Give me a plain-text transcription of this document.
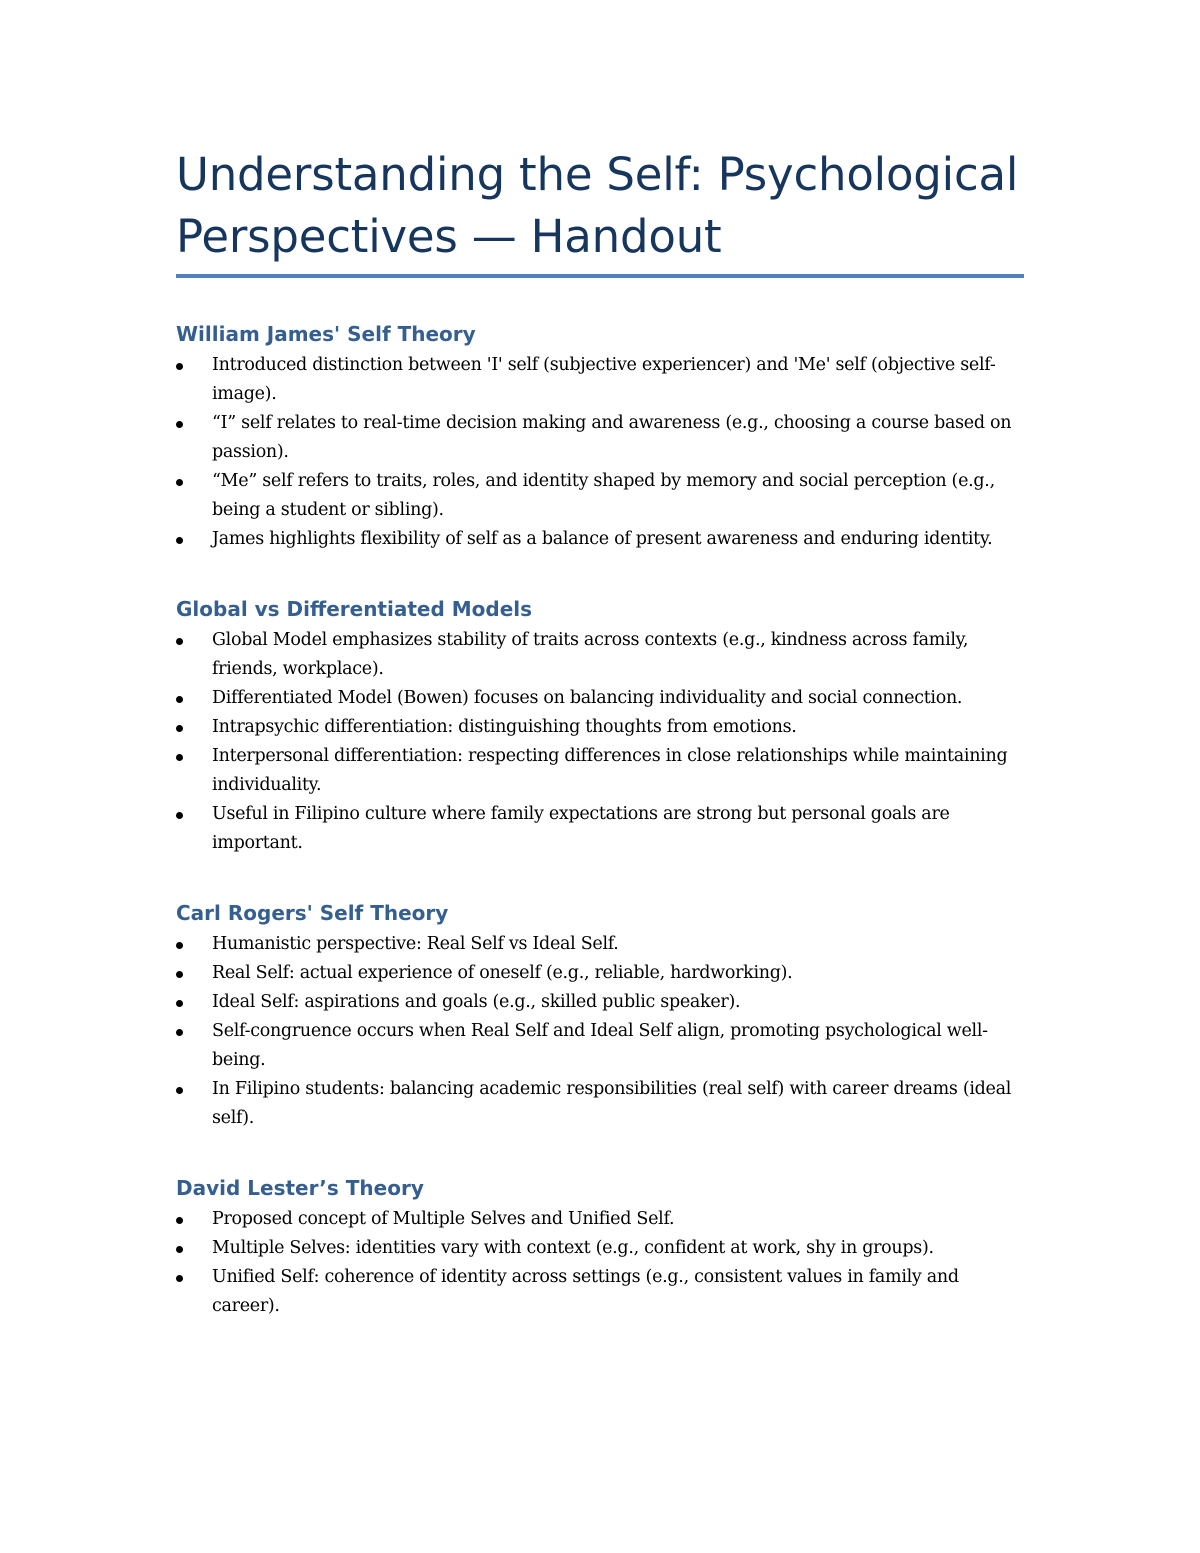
Understanding the Self: Psychological
Perspectives — Handout
William James' Self Theory
Introduced distinction between 'I' self (subjective experiencer) and 'Me' self (objective self-image).
“I” self relates to real-time decision making and awareness (e.g., choosing a course based on passion).
“Me” self refers to traits, roles, and identity shaped by memory and social perception (e.g., being a student or sibling).
James highlights flexibility of self as a balance of present awareness and enduring identity.
Global vs Differentiated Models
Global Model emphasizes stability of traits across contexts (e.g., kindness across family, friends, workplace).
Differentiated Model (Bowen) focuses on balancing individuality and social connection.
Intrapsychic differentiation: distinguishing thoughts from emotions.
Interpersonal differentiation: respecting differences in close relationships while maintaining individuality.
Useful in Filipino culture where family expectations are strong but personal goals are important.
Carl Rogers' Self Theory
Humanistic perspective: Real Self vs Ideal Self.
Real Self: actual experience of oneself (e.g., reliable, hardworking).
Ideal Self: aspirations and goals (e.g., skilled public speaker).
Self-congruence occurs when Real Self and Ideal Self align, promoting psychological well-being.
In Filipino students: balancing academic responsibilities (real self) with career dreams (ideal self).
David Lester’s Theory
Proposed concept of Multiple Selves and Unified Self.
Multiple Selves: identities vary with context (e.g., confident at work, shy in groups).
Unified Self: coherence of identity across settings (e.g., consistent values in family and career).
